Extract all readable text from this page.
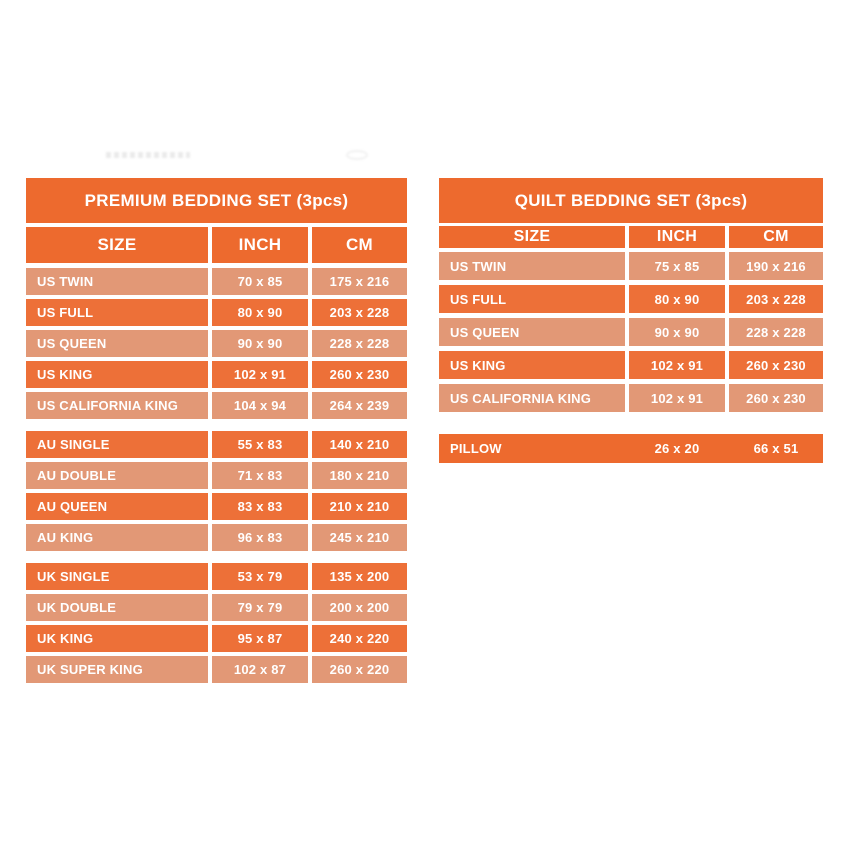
PREMIUM BEDDING SET (3pcs)
SIZE	INCH	CM
US TWIN	70 x 85	175 x 216
US FULL	80 x 90	203 x 228
US QUEEN	90 x 90	228 x 228
US KING	102 x 91	260 x 230
US CALIFORNIA KING	104 x 94	264 x 239
AU SINGLE	55 x 83	140 x 210
AU DOUBLE	71 x 83	180 x 210
AU QUEEN	83 x 83	210 x 210
AU KING	96 x 83	245 x 210
UK SINGLE	53 x 79	135 x 200
UK DOUBLE	79 x 79	200 x 200
UK KING	95 x 87	240 x 220
UK SUPER KING	102 x 87	260 x 220
QUILT BEDDING SET (3pcs)
SIZE	INCH	CM
US TWIN	75 x 85	190 x 216
US FULL	80 x 90	203 x 228
US QUEEN	90 x 90	228 x 228
US KING	102 x 91	260 x 230
US CALIFORNIA KING	102 x 91	260 x 230
PILLOW	26 x 20	66 x 51
